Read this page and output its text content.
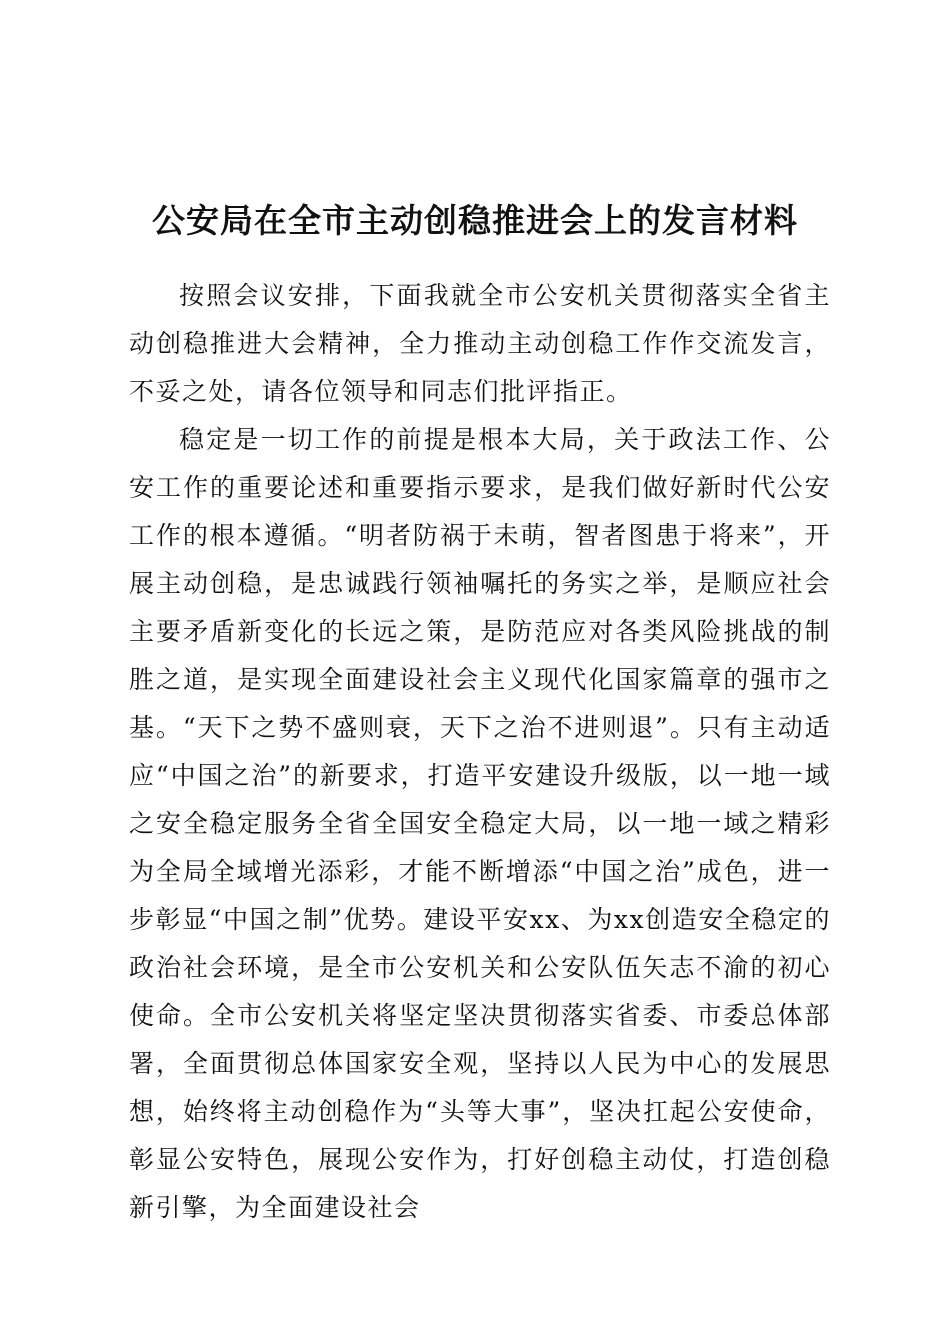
公安局在全市主动创稳推进会上的发言材料

按照会议安排，下面我就全市公安机关贯彻落实全省主动创稳推进大会精神，全力推动主动创稳工作作交流发言，不妥之处，请各位领导和同志们批评指正。

稳定是一切工作的前提是根本大局，关于政法工作、公安工作的重要论述和重要指示要求，是我们做好新时代公安工作的根本遵循。“明者防祸于未萌，智者图患于将来”，开展主动创稳，是忠诚践行领袖嘱托的务实之举，是顺应社会主要矛盾新变化的长远之策，是防范应对各类风险挑战的制胜之道，是实现全面建设社会主义现代化国家篇章的强市之基。“天下之势不盛则衰，天下之治不进则退”。只有主动适应“中国之治”的新要求，打造平安建设升级版，以一地一域之安全稳定服务全省全国安全稳定大局，以一地一域之精彩为全局全域增光添彩，才能不断增添“中国之治”成色，进一步彰显“中国之制”优势。建设平安xx、为xx创造安全稳定的政治社会环境，是全市公安机关和公安队伍矢志不渝的初心使命。全市公安机关将坚定坚决贯彻落实省委、市委总体部署，全面贯彻总体国家安全观，坚持以人民为中心的发展思想，始终将主动创稳作为“头等大事”，坚决扛起公安使命，彰显公安特色，展现公安作为，打好创稳主动仗，打造创稳新引擎，为全面建设社会
